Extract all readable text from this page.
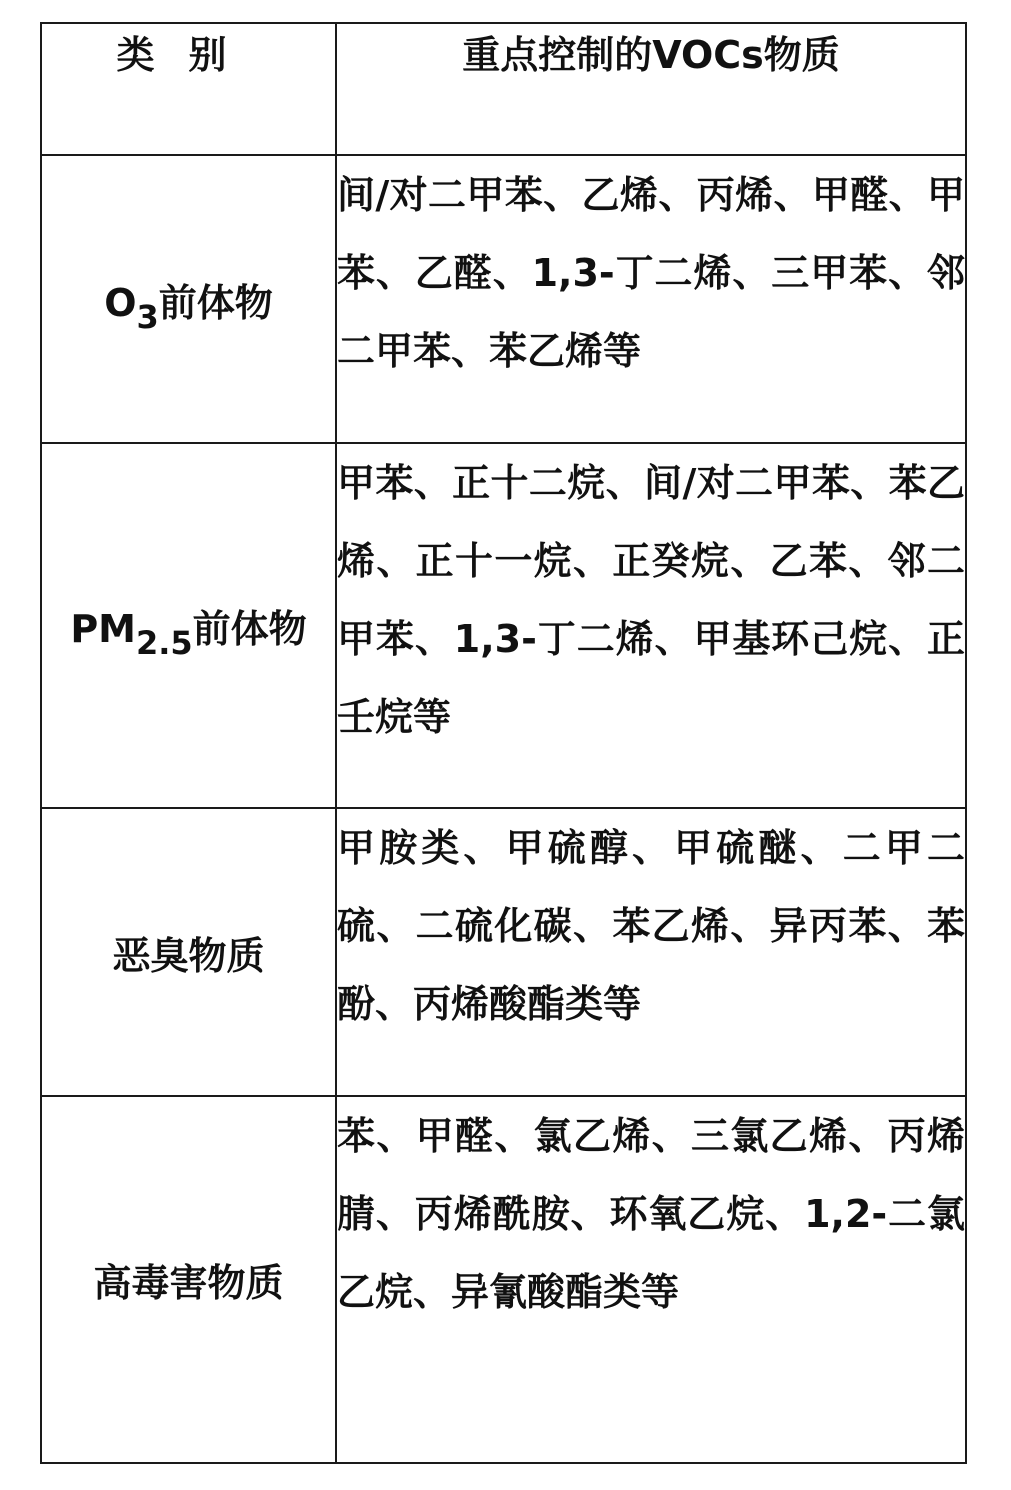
类别	重点控制的VOCs物质
$O_3$前体物	间/对二甲苯、乙烯、丙烯、甲醛、甲苯、乙醛、1,3-丁二烯、三甲苯、邻二甲苯、苯乙烯等
$PM_{2.5}$前体物	甲苯、正十二烷、间/对二甲苯、苯乙烯、正十一烷、正癸烷、乙苯、邻二甲苯、1,3-丁二烯、甲基环己烷、正壬烷等
恶臭物质	甲胺类、甲硫醇、甲硫醚、二甲二硫、二硫化碳、苯乙烯、异丙苯、苯酚、丙烯酸酯类等
高毒害物质	苯、甲醛、氯乙烯、三氯乙烯、丙烯腈、丙烯酰胺、环氧乙烷、1,2-二氯乙烷、异氰酸酯类等
